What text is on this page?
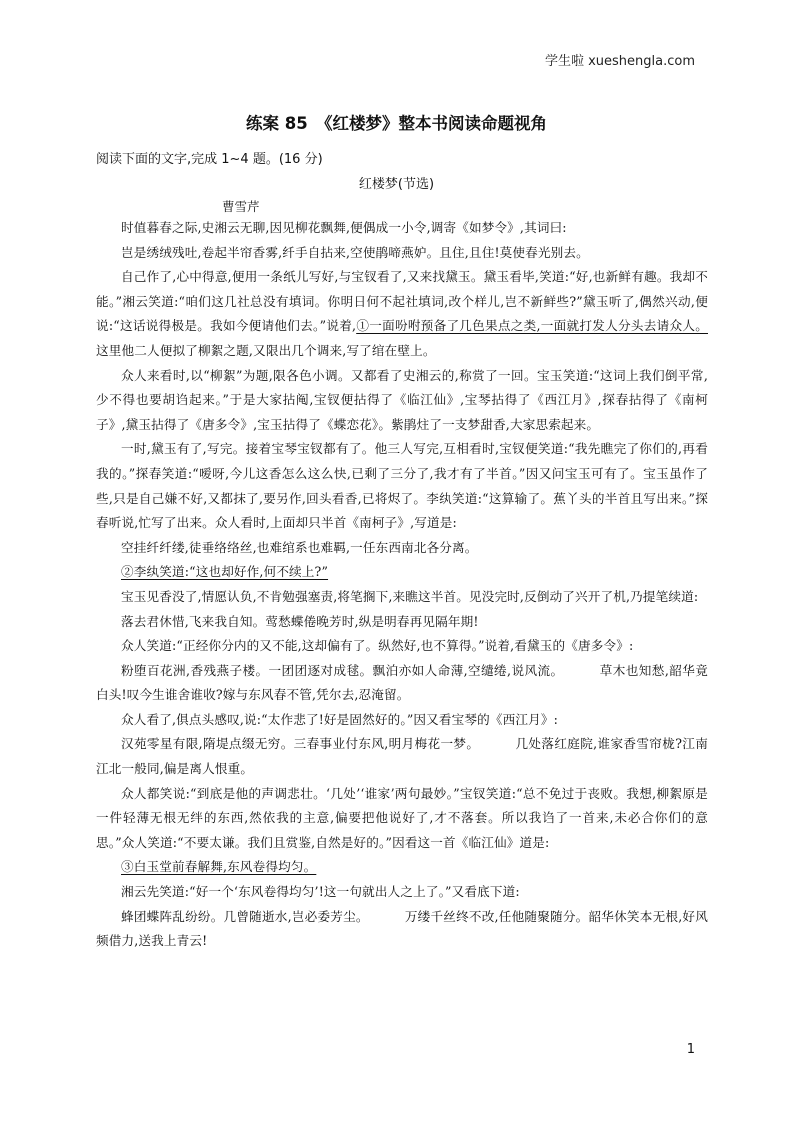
学生啦 xueshengla.com
练案 85　《红楼梦》整本书阅读命题视角
阅读下面的文字,完成 1~4 题。(16 分)
红楼梦(节选)
曹雪芹

时值暮春之际,史湘云无聊,因见柳花飘舞,便偶成一小令,调寄《如梦令》,其词曰:

岂是绣绒残吐,卷起半帘香雾,纤手自拈来,空使鹃啼燕妒。且住,且住!莫使春光别去。

自己作了,心中得意,便用一条纸儿写好,与宝钗看了,又来找黛玉。黛玉看毕,笑道:“好,也新鲜有趣。我却不能。”湘云笑道:“咱们这几社总没有填词。你明日何不起社填词,改个样儿,岂不新鲜些?”黛玉听了,偶然兴动,便说:“这话说得极是。我如今便请他们去。”说着,①一面吩咐预备了几色果点之类,一面就打发人分头去请众人。这里他二人便拟了柳絮之题,又限出几个调来,写了绾在壁上。

众人来看时,以“柳絮”为题,限各色小调。又都看了史湘云的,称赏了一回。宝玉笑道:“这词上我们倒平常,少不得也要胡诌起来。”于是大家拈阄,宝钗便拈得了《临江仙》,宝琴拈得了《西江月》,探春拈得了《南柯子》,黛玉拈得了《唐多令》,宝玉拈得了《蝶恋花》。紫鹃炷了一支梦甜香,大家思索起来。

一时,黛玉有了,写完。接着宝琴宝钗都有了。他三人写完,互相看时,宝钗便笑道:“我先瞧完了你们的,再看我的。”探春笑道:“嗳呀,今儿这香怎么这么快,已剩了三分了,我才有了半首。”因又问宝玉可有了。宝玉虽作了些,只是自己嫌不好,又都抹了,要另作,回头看香,已将烬了。李纨笑道:“这算输了。蕉丫头的半首且写出来。”探春听说,忙写了出来。众人看时,上面却只半首《南柯子》,写道是:

空挂纤纤缕,徒垂络络丝,也难绾系也难羁,一任东西南北各分离。

②李纨笑道:“这也却好作,何不续上?”

宝玉见香没了,情愿认负,不肯勉强塞责,将笔搁下,来瞧这半首。见没完时,反倒动了兴开了机,乃提笔续道:

落去君休惜,飞来我自知。莺愁蝶倦晚芳时,纵是明春再见隔年期!

众人笑道:“正经你分内的又不能,这却偏有了。纵然好,也不算得。”说着,看黛玉的《唐多令》:

粉堕百花洲,香残燕子楼。一团团逐对成毬。飘泊亦如人命薄,空缱绻,说风流。	草木也知愁,韶华竟白头!叹今生谁舍谁收?嫁与东风春不管,凭尔去,忍淹留。

众人看了,俱点头感叹,说:“太作悲了!好是固然好的。”因又看宝琴的《西江月》:

汉苑零星有限,隋堤点缀无穷。三春事业付东风,明月梅花一梦。	几处落红庭院,谁家香雪帘栊?江南江北一般同,偏是离人恨重。

众人都笑说:“到底是他的声调悲壮。‘几处’‘谁家’两句最妙。”宝钗笑道:“总不免过于丧败。我想,柳絮原是一件轻薄无根无绊的东西,然依我的主意,偏要把他说好了,才不落套。所以我诌了一首来,未必合你们的意思。”众人笑道:“不要太谦。我们且赏鉴,自然是好的。”因看这一首《临江仙》道是:

③白玉堂前春解舞,东风卷得均匀。

湘云先笑道:“好一个‘东风卷得均匀’!这一句就出人之上了。”又看底下道:

蜂团蝶阵乱纷纷。几曾随逝水,岂必委芳尘。	万缕千丝终不改,任他随聚随分。韶华休笑本无根,好风频借力,送我上青云!

1
